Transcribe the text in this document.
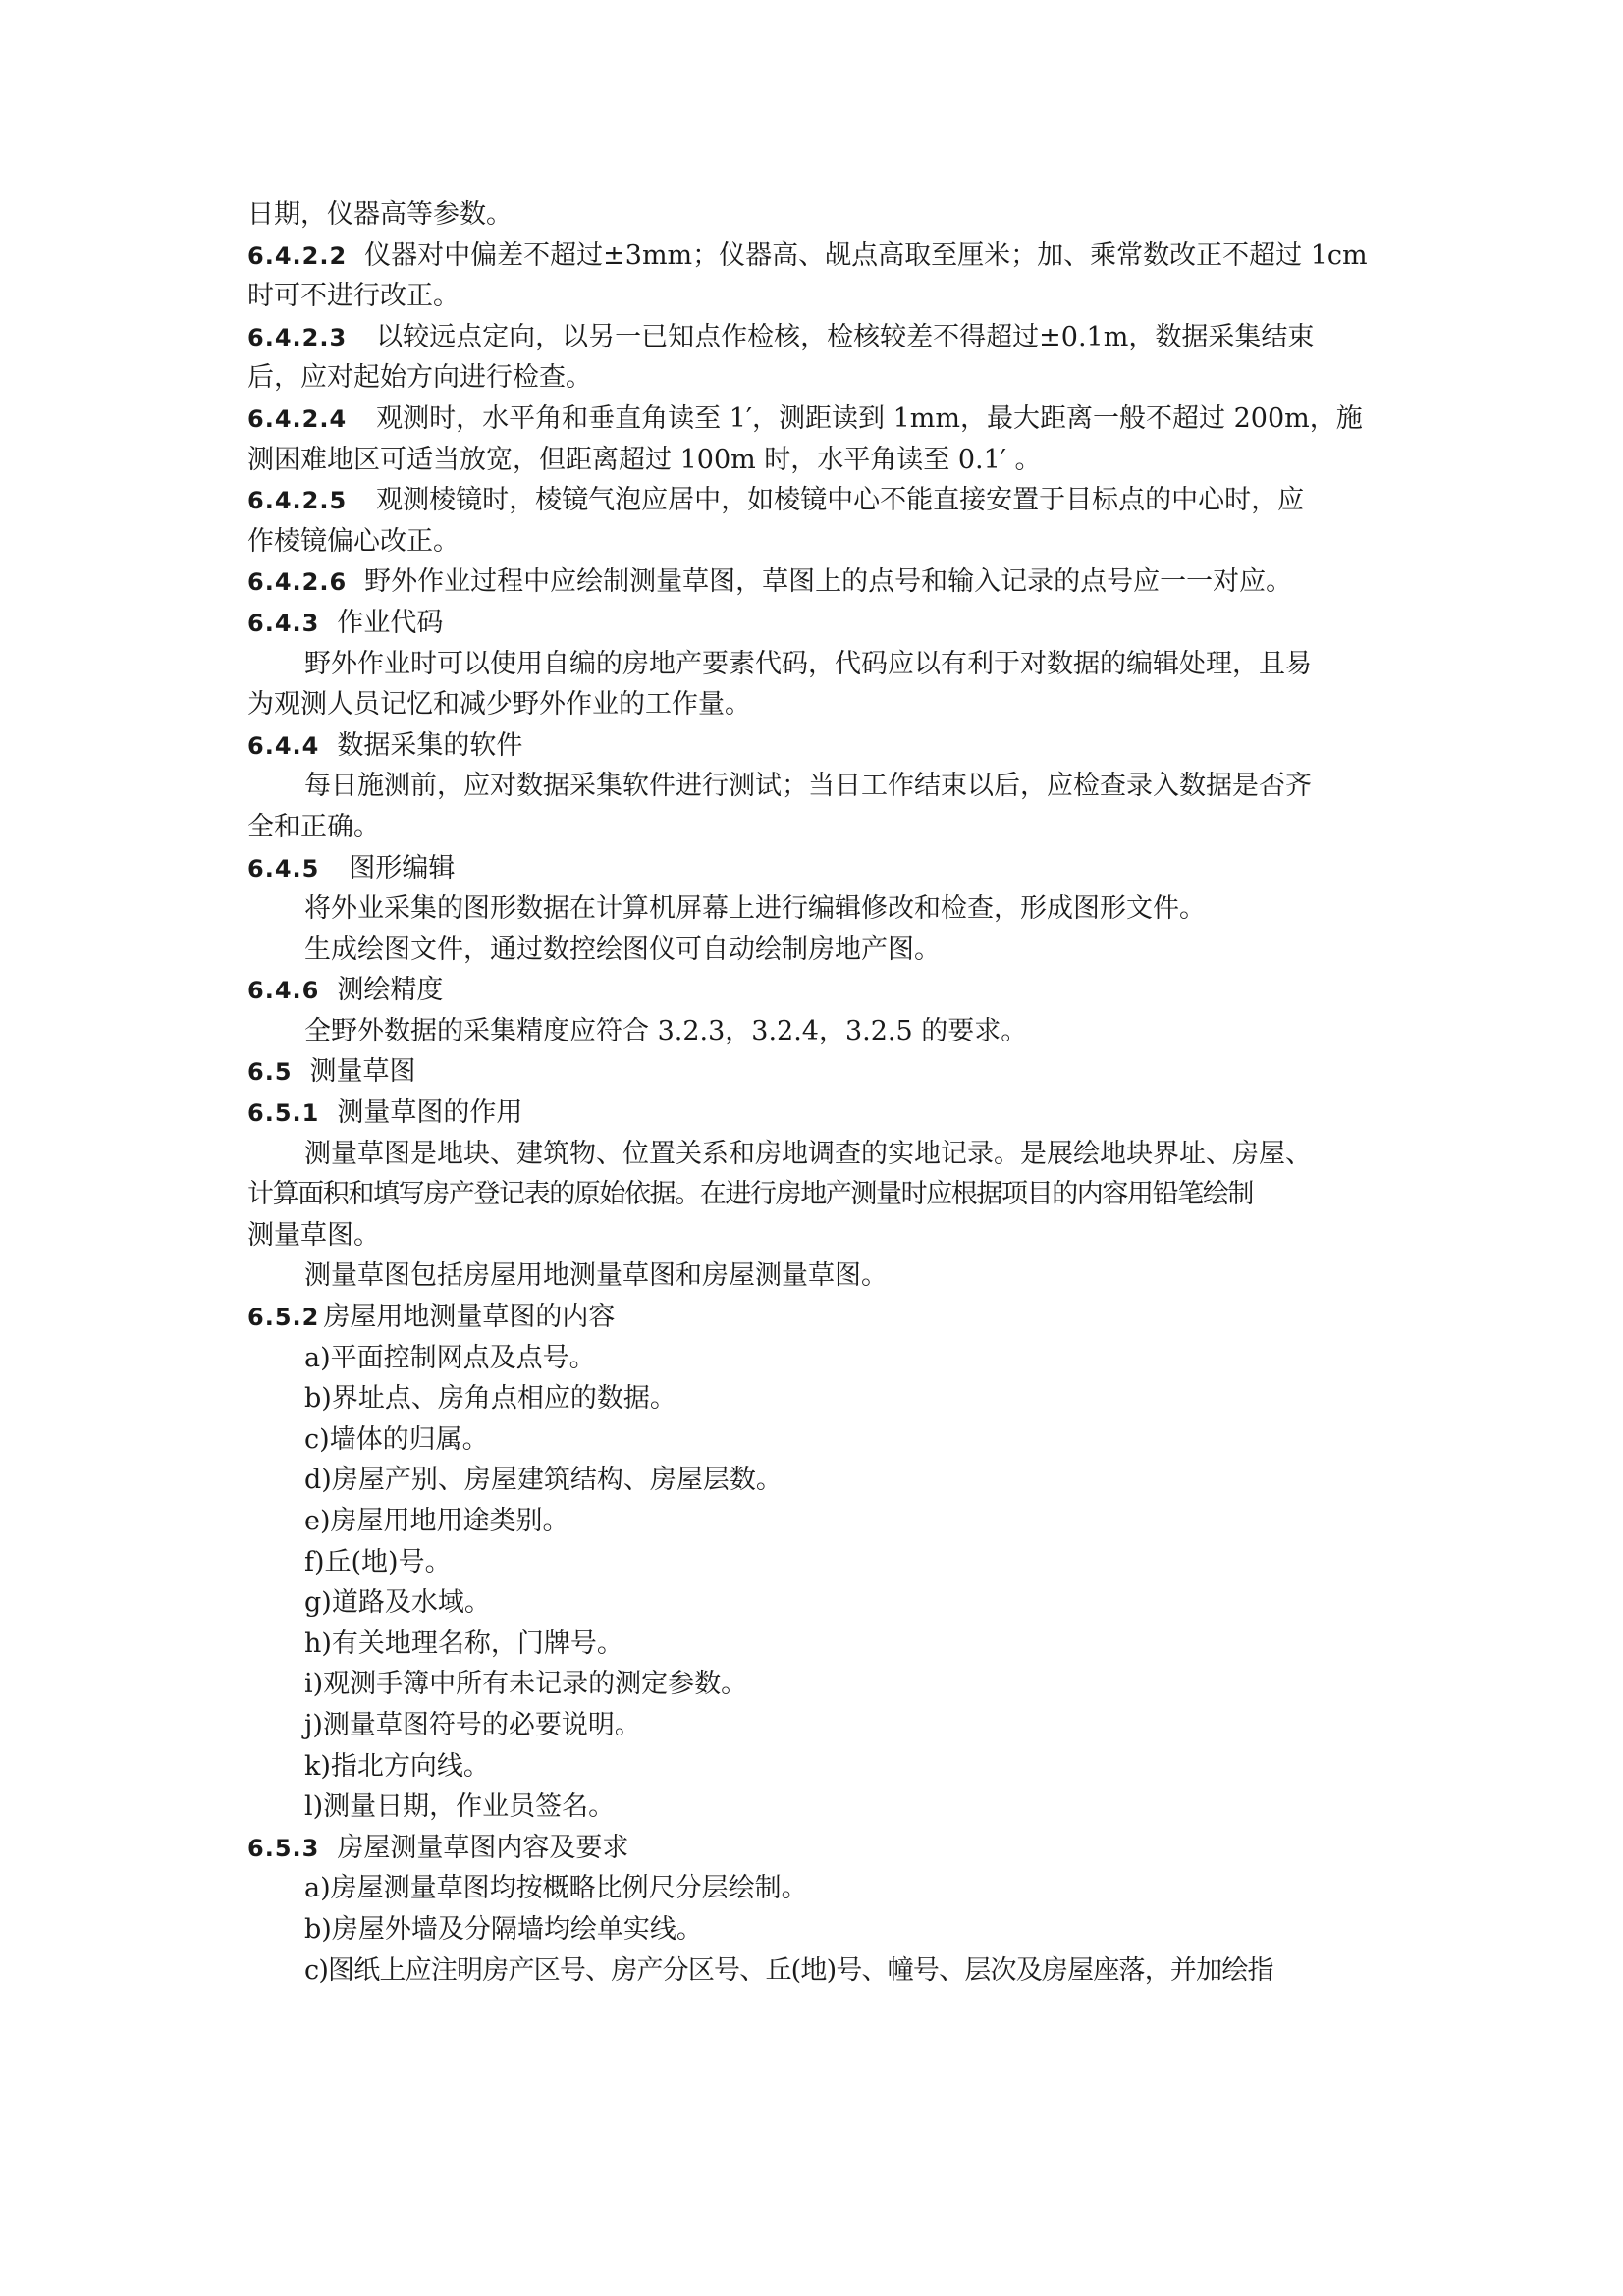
日期，仪器高等参数。
6.4.2.2 仪器对中偏差不超过±3mm；仪器高、觇点高取至厘米；加、乘常数改正不超过 1cm
时可不进行改正。
6.4.2.3 以较远点定向，以另一已知点作检核，检核较差不得超过±0.1m，数据采集结束
后，应对起始方向进行检查。
6.4.2.4 观测时，水平角和垂直角读至 1′，测距读到 1mm，最大距离一般不超过 200m，施
测困难地区可适当放宽，但距离超过 100m 时，水平角读至 0.1′ 。
6.4.2.5 观测棱镜时，棱镜气泡应居中，如棱镜中心不能直接安置于目标点的中心时，应
作棱镜偏心改正。
6.4.2.6 野外作业过程中应绘制测量草图，草图上的点号和输入记录的点号应一一对应。
6.4.3 作业代码
野外作业时可以使用自编的房地产要素代码，代码应以有利于对数据的编辑处理，且易
为观测人员记忆和减少野外作业的工作量。
6.4.4 数据采集的软件
每日施测前，应对数据采集软件进行测试；当日工作结束以后，应检查录入数据是否齐
全和正确。
6.4.5 图形编辑
将外业采集的图形数据在计算机屏幕上进行编辑修改和检查，形成图形文件。
生成绘图文件，通过数控绘图仪可自动绘制房地产图。
6.4.6 测绘精度
全野外数据的采集精度应符合 3.2.3，3.2.4，3.2.5 的要求。
6.5 测量草图
6.5.1 测量草图的作用
测量草图是地块、建筑物、位置关系和房地调查的实地记录。是展绘地块界址、房屋、
计算面积和填写房产登记表的原始依据。在进行房地产测量时应根据项目的内容用铅笔绘制
测量草图。
测量草图包括房屋用地测量草图和房屋测量草图。
6.5.2 房屋用地测量草图的内容
a)平面控制网点及点号。
b)界址点、房角点相应的数据。
c)墙体的归属。
d)房屋产别、房屋建筑结构、房屋层数。
e)房屋用地用途类别。
f)丘(地)号。
g)道路及水域。
h)有关地理名称，门牌号。
i)观测手簿中所有未记录的测定参数。
j)测量草图符号的必要说明。
k)指北方向线。
l)测量日期，作业员签名。
6.5.3 房屋测量草图内容及要求
a)房屋测量草图均按概略比例尺分层绘制。
b)房屋外墙及分隔墙均绘单实线。
c)图纸上应注明房产区号、房产分区号、丘(地)号、幢号、层次及房屋座落，并加绘指
